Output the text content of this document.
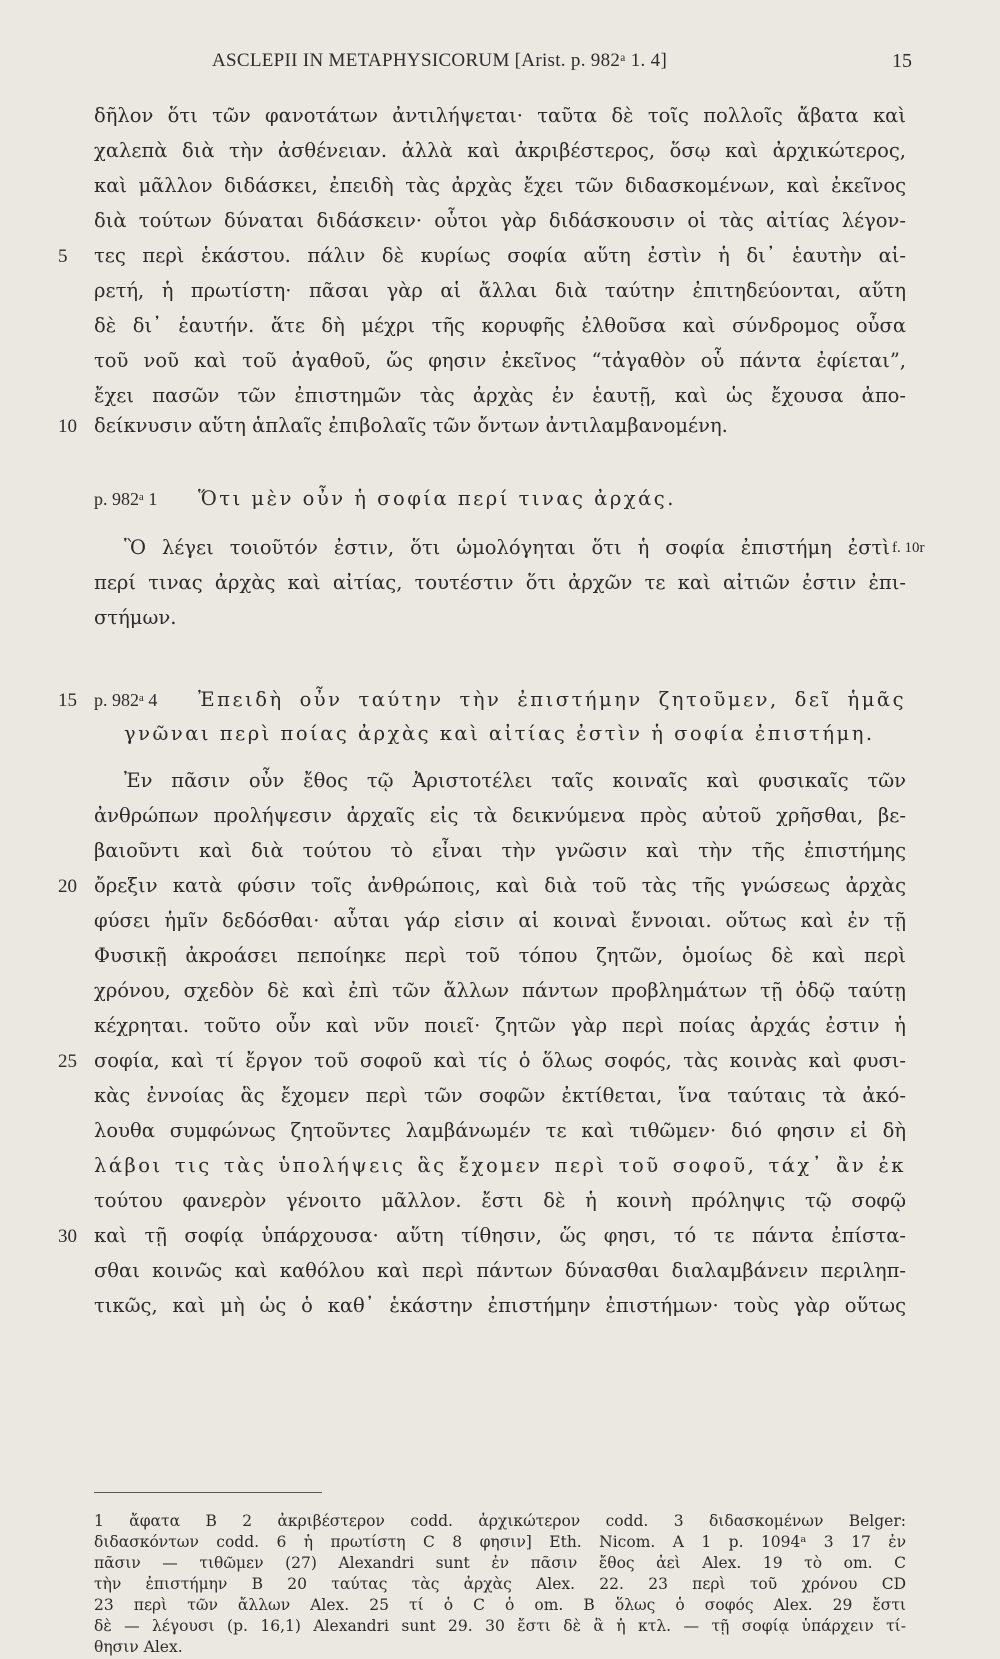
ASCLEPII IN METAPHYSICORUM [Arist. p. 982ᵃ 1. 4]	15
δῆλον ὅτι τῶν φανοτάτων ἀντιλήψεται· ταῦτα δὲ τοῖς πολλοῖς ἄβατα καὶ
χαλεπὰ διὰ τὴν ἀσθένειαν. ἀλλὰ καὶ ἀκριβέστερος, ὅσῳ καὶ ἀρχικώτερος,
καὶ μᾶλλον διδάσκει, ἐπειδὴ τὰς ἀρχὰς ἔχει τῶν διδασκομένων, καὶ ἐκεῖνος
διὰ τούτων δύναται διδάσκειν· οὗτοι γὰρ διδάσκουσιν οἱ τὰς αἰτίας λέγον-
5 τες περὶ ἑκάστου. πάλιν δὲ κυρίως σοφία αὕτη ἐστὶν ἡ δι᾽ ἑαυτὴν αἱ-
ρετή, ἡ πρωτίστη· πᾶσαι γὰρ αἱ ἄλλαι διὰ ταύτην ἐπιτηδεύονται, αὕτη
δὲ δι᾽ ἑαυτήν. ἅτε δὴ μέχρι τῆς κορυφῆς ἐλθοῦσα καὶ σύνδρομος οὖσα
τοῦ νοῦ καὶ τοῦ ἀγαθοῦ, ὥς φησιν ἐκεῖνος “τἀγαθὸν οὗ πάντα ἐφίεται”,
ἔχει πασῶν τῶν ἐπιστημῶν τὰς ἀρχὰς ἐν ἑαυτῇ, καὶ ὡς ἔχουσα ἀπο-
10 δείκνυσιν αὕτη ἁπλαῖς ἐπιβολαῖς τῶν ὄντων ἀντιλαμβανομένη.
p. 982ᵃ 1 Ὅτι μὲν οὖν ἡ σοφία περί τινας ἀρχάς.
Ὃ λέγει τοιοῦτόν ἐστιν, ὅτι ὡμολόγηται ὅτι ἡ σοφία ἐπιστήμη ἐστὶ f. 10r
περί τινας ἀρχὰς καὶ αἰτίας, τουτέστιν ὅτι ἀρχῶν τε καὶ αἰτιῶν ἐστιν ἐπι-
στήμων.
15 p. 982ᵃ 4 Ἐπειδὴ οὖν ταύτην τὴν ἐπιστήμην ζητοῦμεν, δεῖ ἡμᾶς
γνῶναι περὶ ποίας ἀρχὰς καὶ αἰτίας ἐστὶν ἡ σοφία ἐπιστήμη.
Ἐν πᾶσιν οὖν ἔθος τῷ Ἀριστοτέλει ταῖς κοιναῖς καὶ φυσικαῖς τῶν
ἀνθρώπων προλήψεσιν ἀρχαῖς εἰς τὰ δεικνύμενα πρὸς αὐτοῦ χρῆσθαι, βε-
βαιοῦντι καὶ διὰ τούτου τὸ εἶναι τὴν γνῶσιν καὶ τὴν τῆς ἐπιστήμης
20 ὄρεξιν κατὰ φύσιν τοῖς ἀνθρώποις, καὶ διὰ τοῦ τὰς τῆς γνώσεως ἀρχὰς
φύσει ἡμῖν δεδόσθαι· αὗται γάρ εἰσιν αἱ κοιναὶ ἔννοιαι. οὕτως καὶ ἐν τῇ
Φυσικῇ ἀκροάσει πεποίηκε περὶ τοῦ τόπου ζητῶν, ὁμοίως δὲ καὶ περὶ
χρόνου, σχεδὸν δὲ καὶ ἐπὶ τῶν ἄλλων πάντων προβλημάτων τῇ ὁδῷ ταύτῃ
κέχρηται. τοῦτο οὖν καὶ νῦν ποιεῖ· ζητῶν γὰρ περὶ ποίας ἀρχάς ἐστιν ἡ
25 σοφία, καὶ τί ἔργον τοῦ σοφοῦ καὶ τίς ὁ ὅλως σοφός, τὰς κοινὰς καὶ φυσι-
κὰς ἐννοίας ἃς ἔχομεν περὶ τῶν σοφῶν ἐκτίθεται, ἵνα ταύταις τὰ ἀκό-
λουθα συμφώνως ζητοῦντες λαμβάνωμέν τε καὶ τιθῶμεν· διό φησιν εἰ δὴ
λάβοι τις τὰς ὑπολήψεις ἃς ἔχομεν περὶ τοῦ σοφοῦ, τάχ᾽ ἂν ἐκ
τούτου φανερὸν γένοιτο μᾶλλον. ἔστι δὲ ἡ κοινὴ πρόληψις τῷ σοφῷ
30 καὶ τῇ σοφίᾳ ὑπάρχουσα· αὕτη τίθησιν, ὥς φησι, τό τε πάντα ἐπίστα-
σθαι κοινῶς καὶ καθόλου καὶ περὶ πάντων δύνασθαι διαλαμβάνειν περιληπ-
τικῶς, καὶ μὴ ὡς ὁ καθ᾽ ἑκάστην ἐπιστήμην ἐπιστήμων· τοὺς γὰρ οὕτως
1 ἄφατα B 2 ἀκριβέστερον codd. ἀρχικώτερον codd. 3 διδασκομένων Belger:
διδασκόντων codd. 6 ἡ πρωτίστη C 8 φησιν] Eth. Nicom. A 1 p. 1094ᵃ 3 17 ἐν
πᾶσιν — τιθῶμεν (27) Alexandri sunt ἐν πᾶσιν ἔθος ἀεὶ Alex. 19 τὸ om. C
τὴν ἐπιστήμην B 20 ταύτας τὰς ἀρχὰς Alex. 22. 23 περὶ τοῦ χρόνου CD
23 περὶ τῶν ἄλλων Alex. 25 τί ὁ C ὁ om. B ὅλως ὁ σοφός Alex. 29 ἔστι
δὲ — λέγουσι (p. 16,1) Alexandri sunt 29. 30 ἔστι δὲ ἃ ἡ κτλ. — τῇ σοφίᾳ ὑπάρχειν τί-
θησιν Alex.
